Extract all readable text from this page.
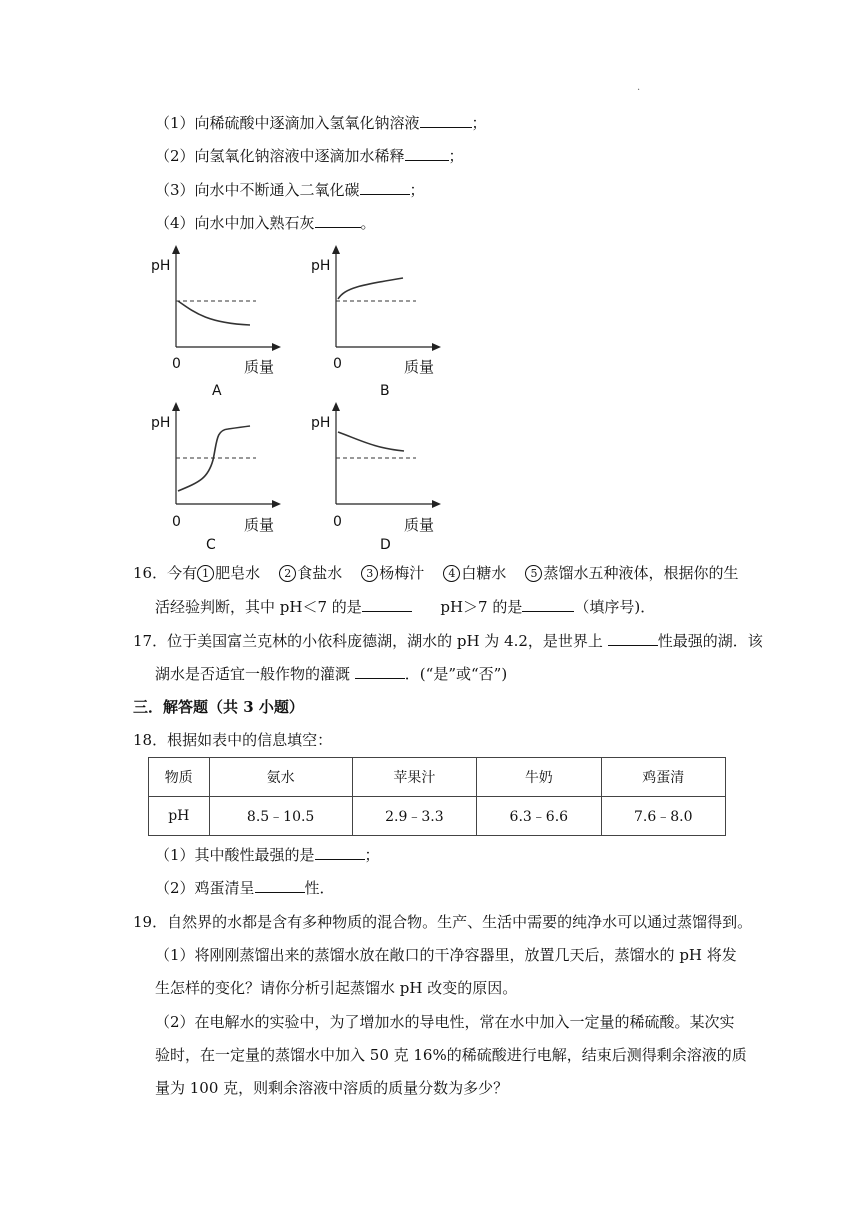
.
（1）向稀硫酸中逐滴加入氢氧化钠溶液	；
（2）向氢氧化钠溶液中逐滴加水稀释	；
（3）向水中不断通入二氧化碳	；
（4）向水中加入熟石灰	。
pH
0	质量
A
pH
0	质量
B
pH
0	质量
C
pH
0	质量
D
16．今有 1 肥皂水 2 食盐水 3 杨梅汁 4 白糖水 5 蒸馏水五种液体，根据你的生
活经验判断，其中 pH＜7 的是	pH＞7 的是	（填序号)．
17．位于美国富兰克林的小依科庞德湖，湖水的 pH 为 4.2，是世界上	性最强的湖．该
湖水是否适宜一般作物的灌溉	．(“是”或“否”)
三．解答题（共 3 小题）
18．根据如表中的信息填空：
物质	氨水	苹果汁	牛奶	鸡蛋清
pH	8.5﹣10.5	2.9﹣3.3	6.3﹣6.6	7.6﹣8.0
（1）其中酸性最强的是	；
（2）鸡蛋清呈	性．
19．自然界的水都是含有多种物质的混合物。生产、生活中需要的纯净水可以通过蒸馏得到。
（1）将刚刚蒸馏出来的蒸馏水放在敞口的干净容器里，放置几天后，蒸馏水的 pH 将发
生怎样的变化？请你分析引起蒸馏水 pH 改变的原因。
（2）在电解水的实验中，为了增加水的导电性，常在水中加入一定量的稀硫酸。某次实
验时，在一定量的蒸馏水中加入 50 克 16%的稀硫酸进行电解，结束后测得剩余溶液的质
量为 100 克，则剩余溶液中溶质的质量分数为多少？
